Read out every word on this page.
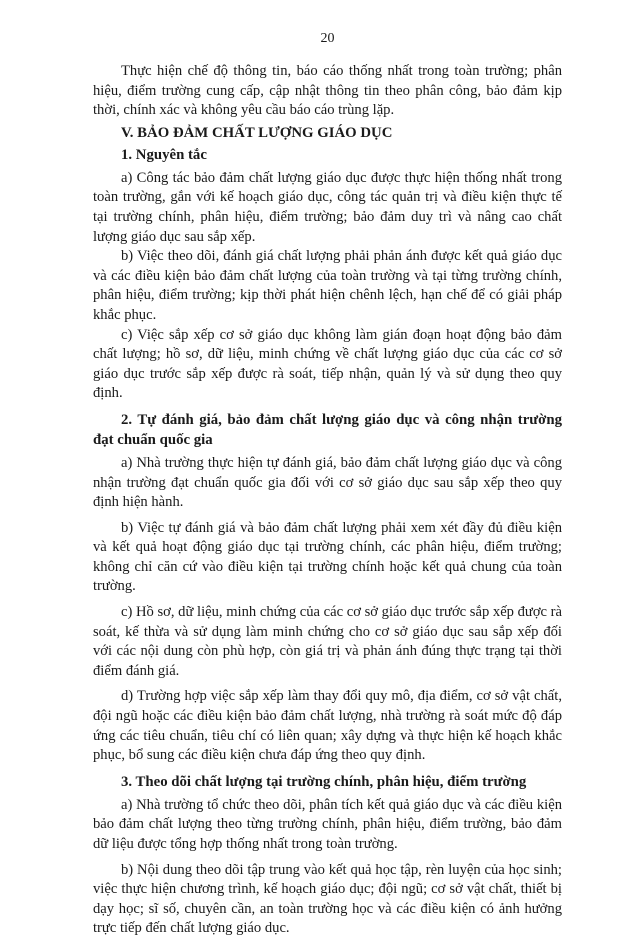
20

Thực hiện chế độ thông tin, báo cáo thống nhất trong toàn trường; phân hiệu, điểm trường cung cấp, cập nhật thông tin theo phân công, bảo đảm kịp thời, chính xác và không yêu cầu báo cáo trùng lặp.

V. BẢO ĐẢM CHẤT LƯỢNG GIÁO DỤC
1. Nguyên tắc

a) Công tác bảo đảm chất lượng giáo dục được thực hiện thống nhất trong toàn trường, gắn với kế hoạch giáo dục, công tác quản trị và điều kiện thực tế tại trường chính, phân hiệu, điểm trường; bảo đảm duy trì và nâng cao chất lượng giáo dục sau sắp xếp.

b) Việc theo dõi, đánh giá chất lượng phải phản ánh được kết quả giáo dục và các điều kiện bảo đảm chất lượng của toàn trường và tại từng trường chính, phân hiệu, điểm trường; kịp thời phát hiện chênh lệch, hạn chế để có giải pháp khắc phục.

c) Việc sắp xếp cơ sở giáo dục không làm gián đoạn hoạt động bảo đảm chất lượng; hồ sơ, dữ liệu, minh chứng về chất lượng giáo dục của các cơ sở giáo dục trước sắp xếp được rà soát, tiếp nhận, quản lý và sử dụng theo quy định.

2. Tự đánh giá, bảo đảm chất lượng giáo dục và công nhận trường đạt chuẩn quốc gia

a) Nhà trường thực hiện tự đánh giá, bảo đảm chất lượng giáo dục và công nhận trường đạt chuẩn quốc gia đối với cơ sở giáo dục sau sắp xếp theo quy định hiện hành.

b) Việc tự đánh giá và bảo đảm chất lượng phải xem xét đầy đủ điều kiện và kết quả hoạt động giáo dục tại trường chính, các phân hiệu, điểm trường; không chỉ căn cứ vào điều kiện tại trường chính hoặc kết quả chung của toàn trường.

c) Hồ sơ, dữ liệu, minh chứng của các cơ sở giáo dục trước sắp xếp được rà soát, kế thừa và sử dụng làm minh chứng cho cơ sở giáo dục sau sắp xếp đối với các nội dung còn phù hợp, còn giá trị và phản ánh đúng thực trạng tại thời điểm đánh giá.

d) Trường hợp việc sắp xếp làm thay đổi quy mô, địa điểm, cơ sở vật chất, đội ngũ hoặc các điều kiện bảo đảm chất lượng, nhà trường rà soát mức độ đáp ứng các tiêu chuẩn, tiêu chí có liên quan; xây dựng và thực hiện kế hoạch khắc phục, bổ sung các điều kiện chưa đáp ứng theo quy định.

3. Theo dõi chất lượng tại trường chính, phân hiệu, điểm trường

a) Nhà trường tổ chức theo dõi, phân tích kết quả giáo dục và các điều kiện bảo đảm chất lượng theo từng trường chính, phân hiệu, điểm trường, bảo đảm dữ liệu được tổng hợp thống nhất trong toàn trường.

b) Nội dung theo dõi tập trung vào kết quả học tập, rèn luyện của học sinh; việc thực hiện chương trình, kế hoạch giáo dục; đội ngũ; cơ sở vật chất, thiết bị dạy học; sĩ số, chuyên cần, an toàn trường học và các điều kiện có ảnh hưởng trực tiếp đến chất lượng giáo dục.
